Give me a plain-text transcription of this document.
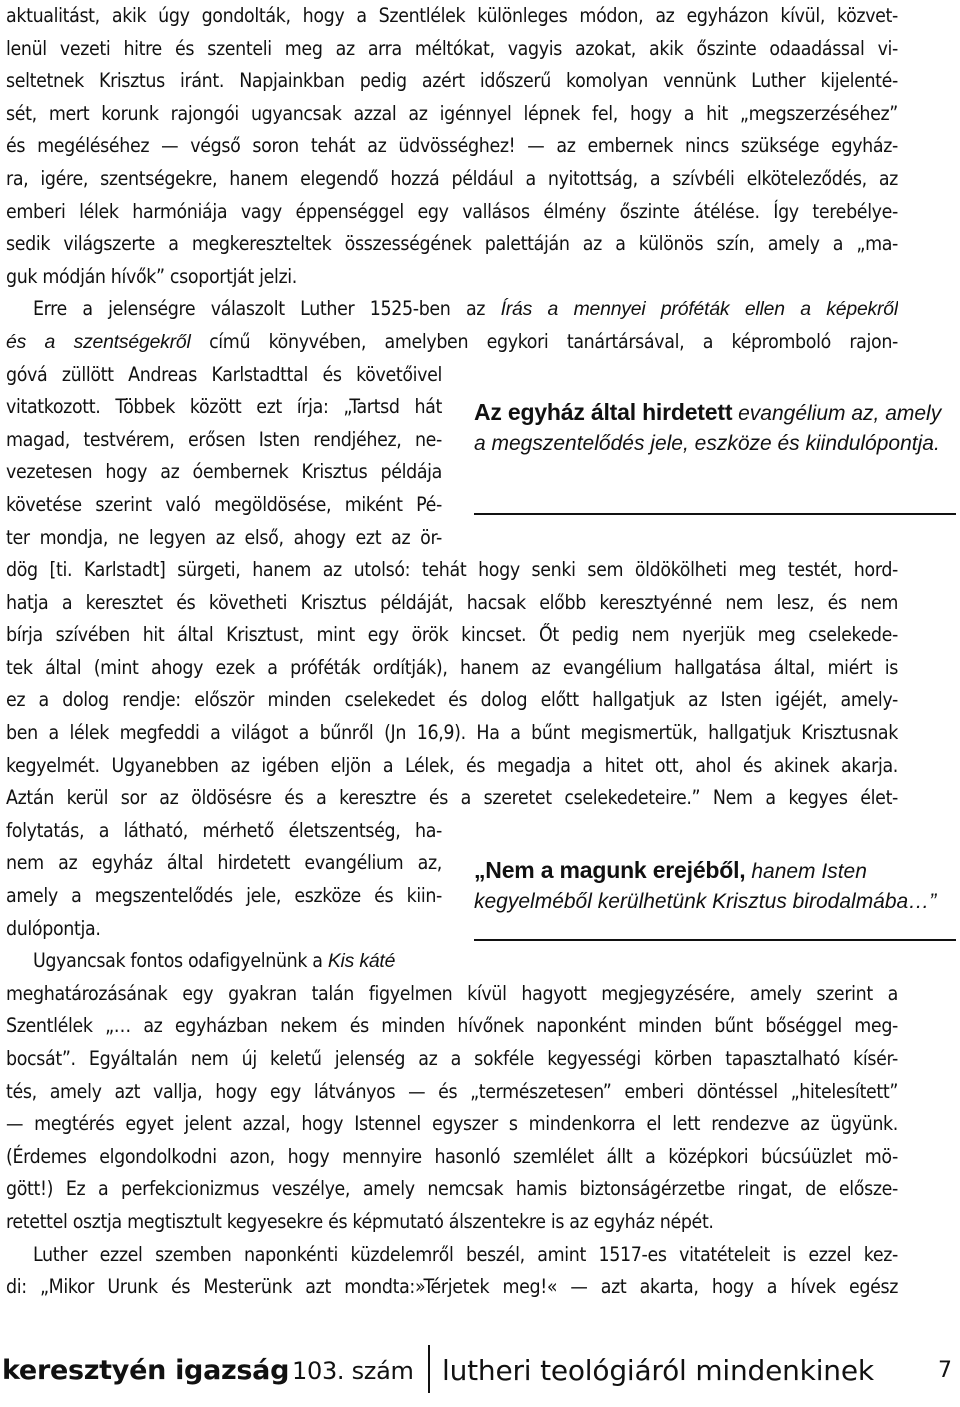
aktualitást, akik úgy gondolták, hogy a Szentlélek különleges módon, az egyházon kívül, közvet-
lenül vezeti hitre és szenteli meg az arra méltókat, vagyis azokat, akik őszinte odaadással vi-
seltetnek Krisztus iránt. Napjainkban pedig azért időszerű komolyan vennünk Luther kijelenté-
sét, mert korunk rajongói ugyancsak azzal az igénnyel lépnek fel, hogy a hit „megszerzéséhez”
és megéléséhez — végső soron tehát az üdvösséghez! — az embernek nincs szüksége egyház-
ra, igére, szentségekre, hanem elegendő hozzá például a nyitottság, a szívbéli elköteleződés, az
emberi lélek harmóniája vagy éppenséggel egy vallásos élmény őszinte átélése. Így terebélye-
sedik világszerte a megkereszteltek összességének palettáján az a különös szín, amely a „ma-
guk módján hívők” csoportját jelzi.
Erre a jelenségre válaszolt Luther 1525-ben az Írás a mennyei próféták ellen a képekről
és a szentségekről című könyvében, amelyben egykori tanártársával, a képromboló rajon-
góvá züllött Andreas Karlstadttal és követőivel
vitatkozott. Többek között ezt írja: „Tartsd hát
magad, testvérem, erősen Isten rendjéhez, ne-
vezetesen hogy az óembernek Krisztus példája
követése szerint való megöldösése, miként Pé-
ter mondja, ne legyen az első, ahogy ezt az ör-
dög [ti. Karlstadt] sürgeti, hanem az utolsó: tehát hogy senki sem öldökölheti meg testét, hord-
hatja a keresztet és követheti Krisztus példáját, hacsak előbb keresztyénné nem lesz, és nem
bírja szívében hit által Krisztust, mint egy örök kincset. Őt pedig nem nyerjük meg cselekede-
tek által (mint ahogy ezek a próféták ordítják), hanem az evangélium hallgatása által, miért is
ez a dolog rendje: először minden cselekedet és dolog előtt hallgatjuk az Isten igéjét, amely-
ben a lélek megfeddi a világot a bűnről (Jn 16,9). Ha a bűnt megismertük, hallgatjuk Krisztusnak
kegyelmét. Ugyanebben az igében eljön a Lélek, és megadja a hitet ott, ahol és akinek akarja.
Aztán kerül sor az öldösésre és a keresztre és a szeretet cselekedeteire.” Nem a kegyes élet-
folytatás, a látható, mérhető életszentség, ha-
nem az egyház által hirdetett evangélium az,
amely a megszentelődés jele, eszköze és kiin-
dulópontja.
Ugyancsak fontos odafigyelnünk a Kis káté
meghatározásának egy gyakran talán figyelmen kívül hagyott megjegyzésére, amely szerint a
Szentlélek „… az egyházban nekem és minden hívőnek naponként minden bűnt bőséggel meg-
bocsát”. Egyáltalán nem új keletű jelenség az a sokféle kegyességi körben tapasztalható kísér-
tés, amely azt vallja, hogy egy látványos — és „természetesen” emberi döntéssel „hitelesített”
— megtérés egyet jelent azzal, hogy Istennel egyszer s mindenkorra el lett rendezve az ügyünk.
(Érdemes elgondolkodni azon, hogy mennyire hasonló szemlélet állt a középkori búcsúüzlet mö-
gött!) Ez a perfekcionizmus veszélye, amely nemcsak hamis biztonságérzetbe ringat, de elősze-
retettel osztja megtisztult kegyesekre és képmutató álszentekre is az egyház népét.
Luther ezzel szemben naponkénti küzdelemről beszél, amint 1517-es vitatételeit is ezzel kez-
di: „Mikor Urunk és Mesterünk azt mondta:»Térjetek meg!« — azt akarta, hogy a hívek egész
Az egyház által hirdetett evangélium az, amely a megszentelődés jele, eszköze és kiindulópontja.
„Nem a magunk erejéből, hanem Isten kegyelméből kerülhetünk Krisztus birodalmába…”
keresztyén igazság 103. szám lutheri teológiáról mindenkinek	7
